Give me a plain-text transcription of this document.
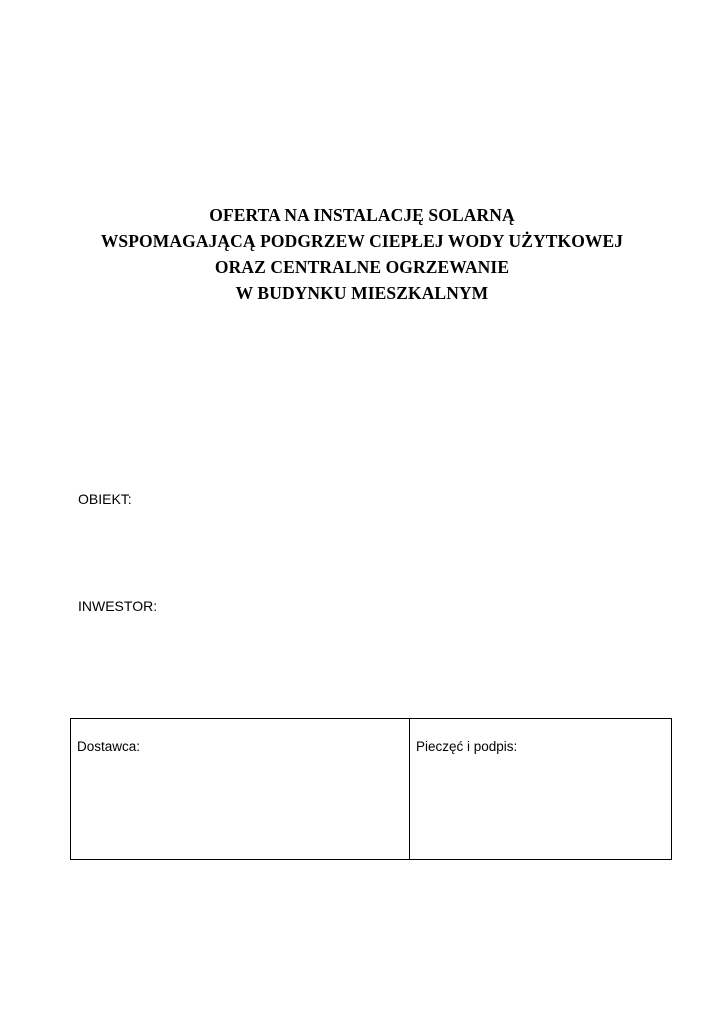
OFERTA NA INSTALACJĘ SOLARNĄ
WSPOMAGAJĄCĄ PODGRZEW CIEPŁEJ WODY UŻYTKOWEJ
ORAZ CENTRALNE OGRZEWANIE
W BUDYNKU MIESZKALNYM
OBIEKT:
INWESTOR:
Dostawca:	Pieczęć i podpis:
